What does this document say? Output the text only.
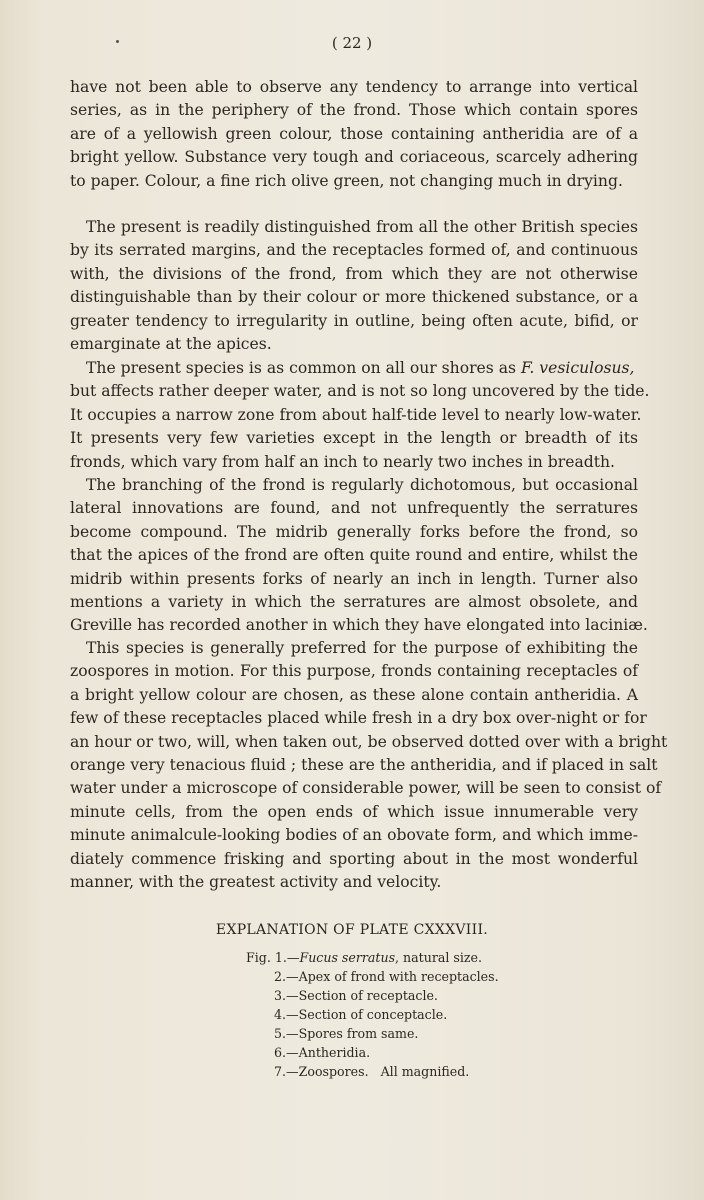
( 22 )
have not been able to observe any tendency to arrange into vertical
series, as in the periphery of the frond. Those which contain spores
are of a yellowish green colour, those containing antheridia are of a
bright yellow. Substance very tough and coriaceous, scarcely adhering
to paper. Colour, a fine rich olive green, not changing much in drying.
The present is readily distinguished from all the other British species
by its serrated margins, and the receptacles formed of, and continuous
with, the divisions of the frond, from which they are not otherwise
distinguishable than by their colour or more thickened substance, or a
greater tendency to irregularity in outline, being often acute, bifid, or
emarginate at the apices.
The present species is as common on all our shores as F. vesiculosus,
but affects rather deeper water, and is not so long uncovered by the tide.
It occupies a narrow zone from about half-tide level to nearly low-water.
It presents very few varieties except in the length or breadth of its
fronds, which vary from half an inch to nearly two inches in breadth.
The branching of the frond is regularly dichotomous, but occasional
lateral innovations are found, and not unfrequently the serratures
become compound. The midrib generally forks before the frond, so
that the apices of the frond are often quite round and entire, whilst the
midrib within presents forks of nearly an inch in length. Turner also
mentions a variety in which the serratures are almost obsolete, and
Greville has recorded another in which they have elongated into laciniæ.
This species is generally preferred for the purpose of exhibiting the
zoospores in motion. For this purpose, fronds containing receptacles of
a bright yellow colour are chosen, as these alone contain antheridia. A
few of these receptacles placed while fresh in a dry box over-night or for
an hour or two, will, when taken out, be observed dotted over with a bright
orange very tenacious fluid ; these are the antheridia, and if placed in salt
water under a microscope of considerable power, will be seen to consist of
minute cells, from the open ends of which issue innumerable very
minute animalcule-looking bodies of an obovate form, and which imme-
diately commence frisking and sporting about in the most wonderful
manner, with the greatest activity and velocity.
EXPLANATION OF PLATE CXXXVIII.
Fig. 1.—Fucus serratus, natural size.
2.—Apex of frond with receptacles.
3.—Section of receptacle.
4.—Section of conceptacle.
5.—Spores from same.
6.—Antheridia.
7.—Zoospores.   All magnified.
